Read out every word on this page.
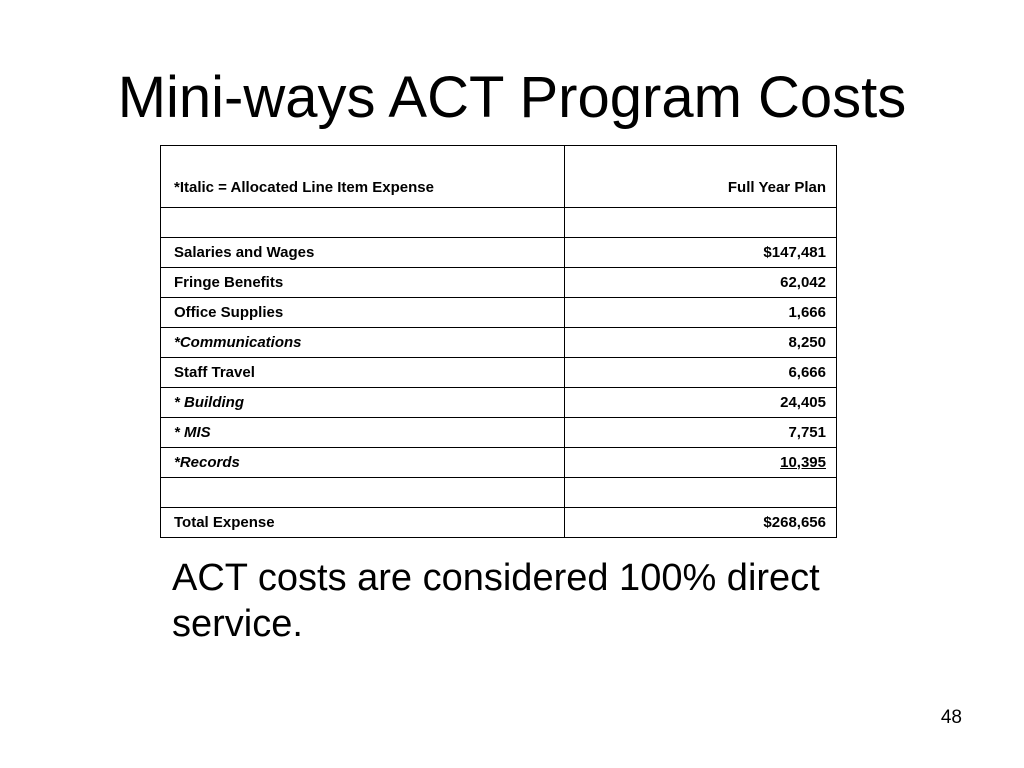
Mini-ways ACT Program Costs
*Italic = Allocated Line Item Expense	Full Year Plan

Salaries and Wages	$147,481
Fringe Benefits	62,042
Office Supplies	1,666
*Communications	8,250
Staff Travel	6,666
* Building	24,405
* MIS	7,751
*Records	10,395

Total Expense	$268,656

ACT costs are considered 100% direct service.

48
